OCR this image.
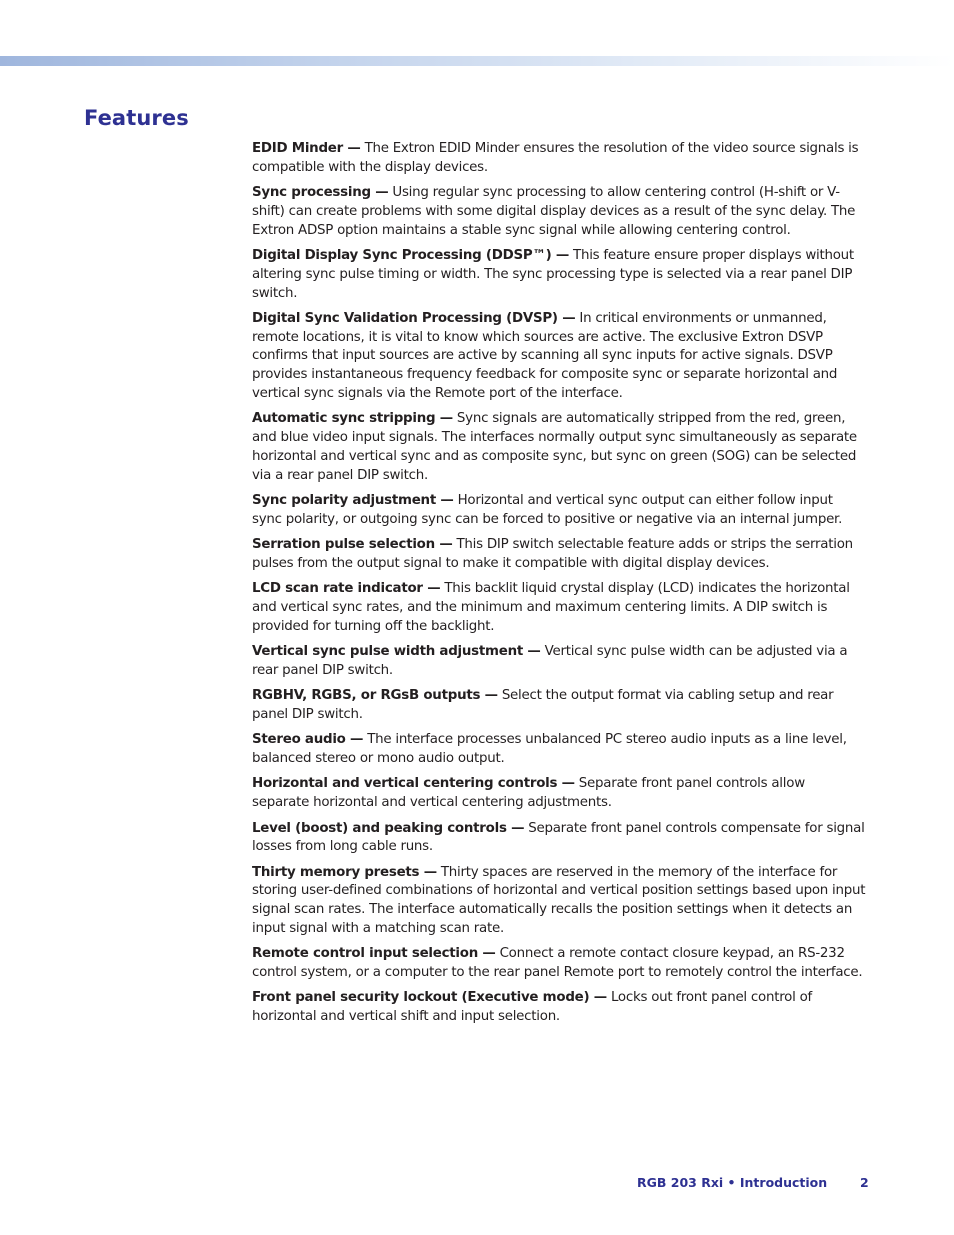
Features

EDID Minder — The Extron EDID Minder ensures the resolution of the video source signals is compatible with the display devices.

Sync processing — Using regular sync processing to allow centering control (H-shift or V-shift) can create problems with some digital display devices as a result of the sync delay. The Extron ADSP option maintains a stable sync signal while allowing centering control.

Digital Display Sync Processing (DDSP™) — This feature ensure proper displays without altering sync pulse timing or width. The sync processing type is selected via a rear panel DIP switch.

Digital Sync Validation Processing (DVSP) — In critical environments or unmanned, remote locations, it is vital to know which sources are active. The exclusive Extron DSVP confirms that input sources are active by scanning all sync inputs for active signals. DSVP provides instantaneous frequency feedback for composite sync or separate horizontal and vertical sync signals via the Remote port of the interface.

Automatic sync stripping — Sync signals are automatically stripped from the red, green, and blue video input signals. The interfaces normally output sync simultaneously as separate horizontal and vertical sync and as composite sync, but sync on green (SOG) can be selected via a rear panel DIP switch.

Sync polarity adjustment — Horizontal and vertical sync output can either follow input sync polarity, or outgoing sync can be forced to positive or negative via an internal jumper.

Serration pulse selection — This DIP switch selectable feature adds or strips the serration pulses from the output signal to make it compatible with digital display devices.

LCD scan rate indicator — This backlit liquid crystal display (LCD) indicates the horizontal and vertical sync rates, and the minimum and maximum centering limits. A DIP switch is provided for turning off the backlight.

Vertical sync pulse width adjustment — Vertical sync pulse width can be adjusted via a rear panel DIP switch.

RGBHV, RGBS, or RGsB outputs — Select the output format via cabling setup and rear panel DIP switch.

Stereo audio — The interface processes unbalanced PC stereo audio inputs as a line level, balanced stereo or mono audio output.

Horizontal and vertical centering controls — Separate front panel controls allow separate horizontal and vertical centering adjustments.

Level (boost) and peaking controls — Separate front panel controls compensate for signal losses from long cable runs.

Thirty memory presets — Thirty spaces are reserved in the memory of the interface for storing user-defined combinations of horizontal and vertical position settings based upon input signal scan rates. The interface automatically recalls the position settings when it detects an input signal with a matching scan rate.

Remote control input selection — Connect a remote contact closure keypad, an RS-232 control system, or a computer to the rear panel Remote port to remotely control the interface.

Front panel security lockout (Executive mode) — Locks out front panel control of horizontal and vertical shift and input selection.

RGB 203 Rxi • Introduction	2
